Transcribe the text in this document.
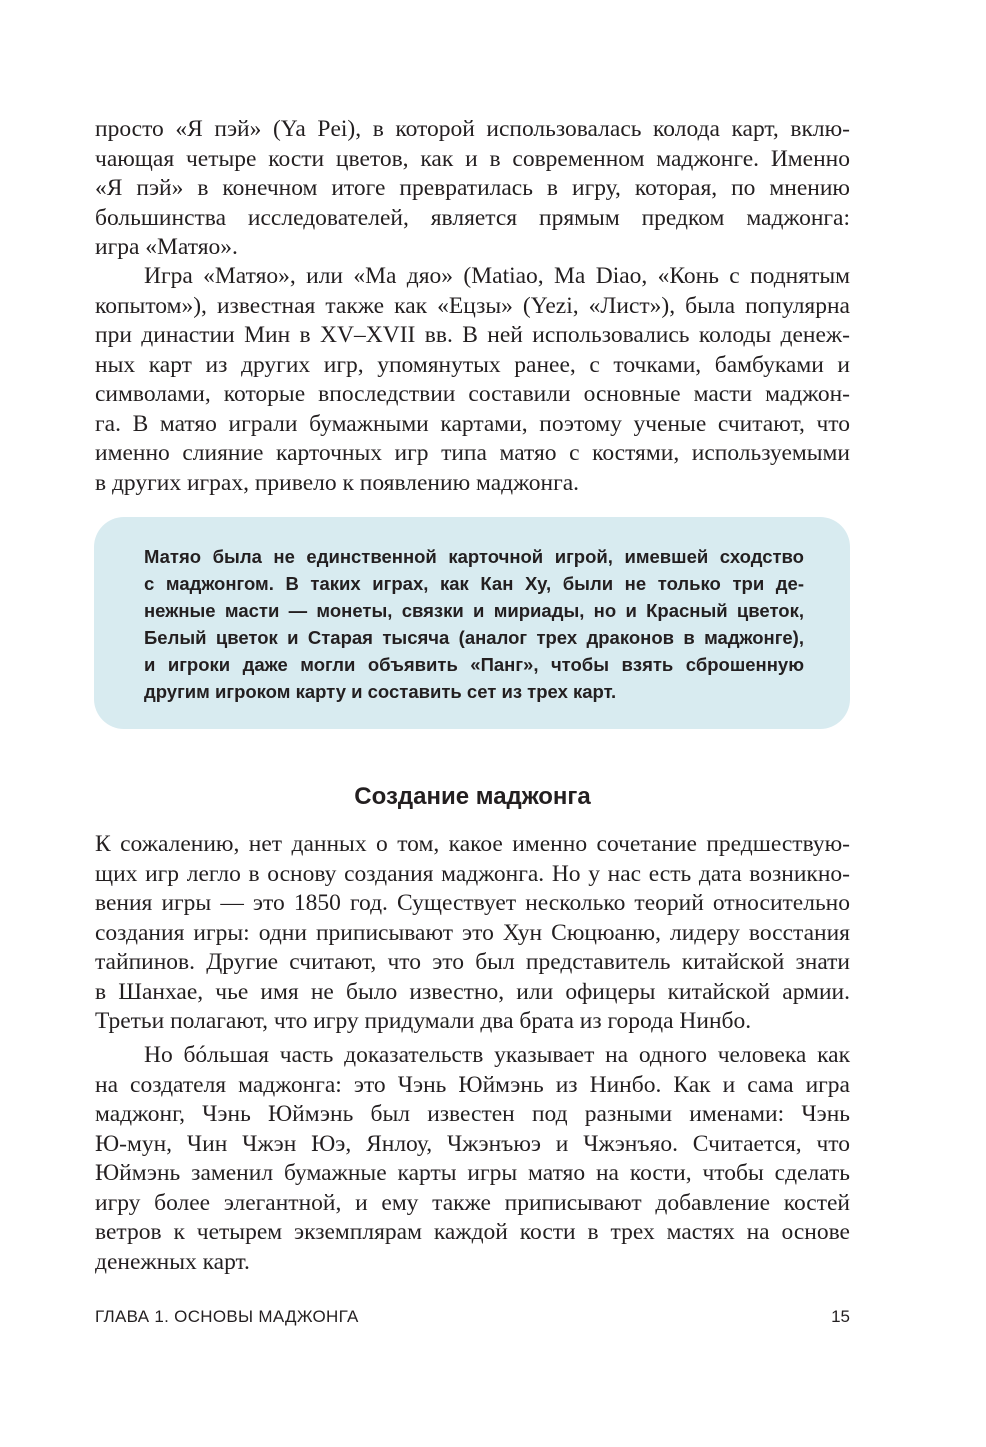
просто «Я пэй» (Ya Pei), в которой использовалась колода карт, вклю-
чающая четыре кости цветов, как и в современном маджонге. Именно
«Я пэй» в конечном итоге превратилась в игру, которая, по мнению
большинства исследователей, является прямым предком маджонга:
игра «Матяо».
Игра «Матяо», или «Ма дяо» (Matiao, Ma Diao, «Конь с поднятым
копытом»), известная также как «Ецзы» (Yezi, «Лист»), была популярна
при династии Мин в XV–XVII вв. В ней использовались колоды денеж-
ных карт из других игр, упомянутых ранее, с точками, бамбуками и
символами, которые впоследствии составили основные масти маджон-
га. В матяо играли бумажными картами, поэтому ученые считают, что
именно слияние карточных игр типа матяо с костями, используемыми
в других играх, привело к появлению маджонга.
Матяо была не единственной карточной игрой, имевшей сходство
с маджонгом. В таких играх, как Кан Ху, были не только три де-
нежные масти — монеты, связки и мириады, но и Красный цветок,
Белый цветок и Старая тысяча (аналог трех драконов в маджонге),
и игроки даже могли объявить «Панг», чтобы взять сброшенную
другим игроком карту и составить сет из трех карт.
Создание маджонга
К сожалению, нет данных о том, какое именно сочетание предшествую-
щих игр легло в основу создания маджонга. Но у нас есть дата возникно-
вения игры — это 1850 год. Существует несколько теорий относительно
создания игры: одни приписывают это Хун Сюцюаню, лидеру восстания
тайпинов. Другие считают, что это был представитель китайской знати
в Шанхае, чье имя не было известно, или офицеры китайской армии.
Третьи полагают, что игру придумали два брата из города Нинбо.
Но бóльшая часть доказательств указывает на одного человека как
на создателя маджонга: это Чэнь Юймэнь из Нинбо. Как и сама игра
маджонг, Чэнь Юймэнь был известен под разными именами: Чэнь
Ю-мун, Чин Чжэн Юэ, Янлоу, Чжэнъюэ и Чжэнъяо. Считается, что
Юймэнь заменил бумажные карты игры матяо на кости, чтобы сделать
игру более элегантной, и ему также приписывают добавление костей
ветров к четырем экземплярам каждой кости в трех мастях на основе
денежных карт.
ГЛАВА 1. ОСНОВЫ МАДЖОНГА	15
